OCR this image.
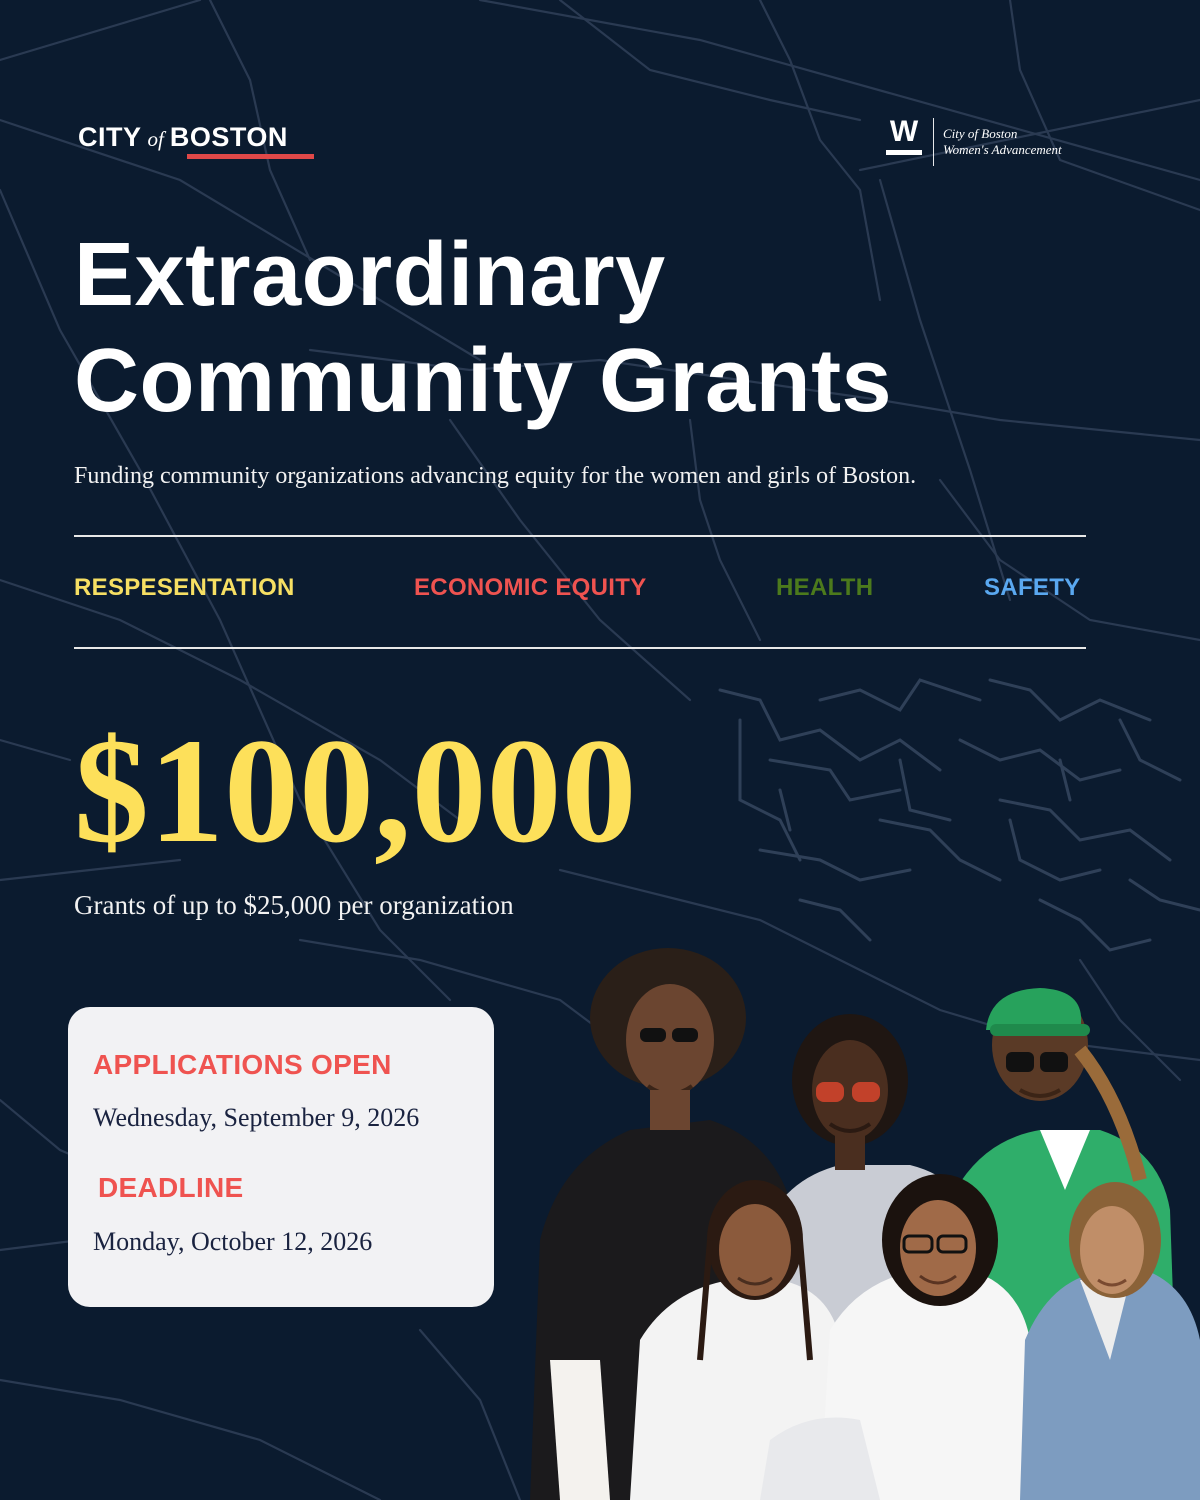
CITY of BOSTON	W	City of Boston
Women's Advancement
Extraordinary
Community Grants

Funding community organizations advancing equity for the women and girls of Boston.

RESPESENTATION	ECONOMIC EQUITY	HEALTH	SAFETY

$100,000

Grants of up to $25,000 per organization

APPLICATIONS OPEN
Wednesday, September 9, 2026
DEADLINE
Monday, October 12, 2026
